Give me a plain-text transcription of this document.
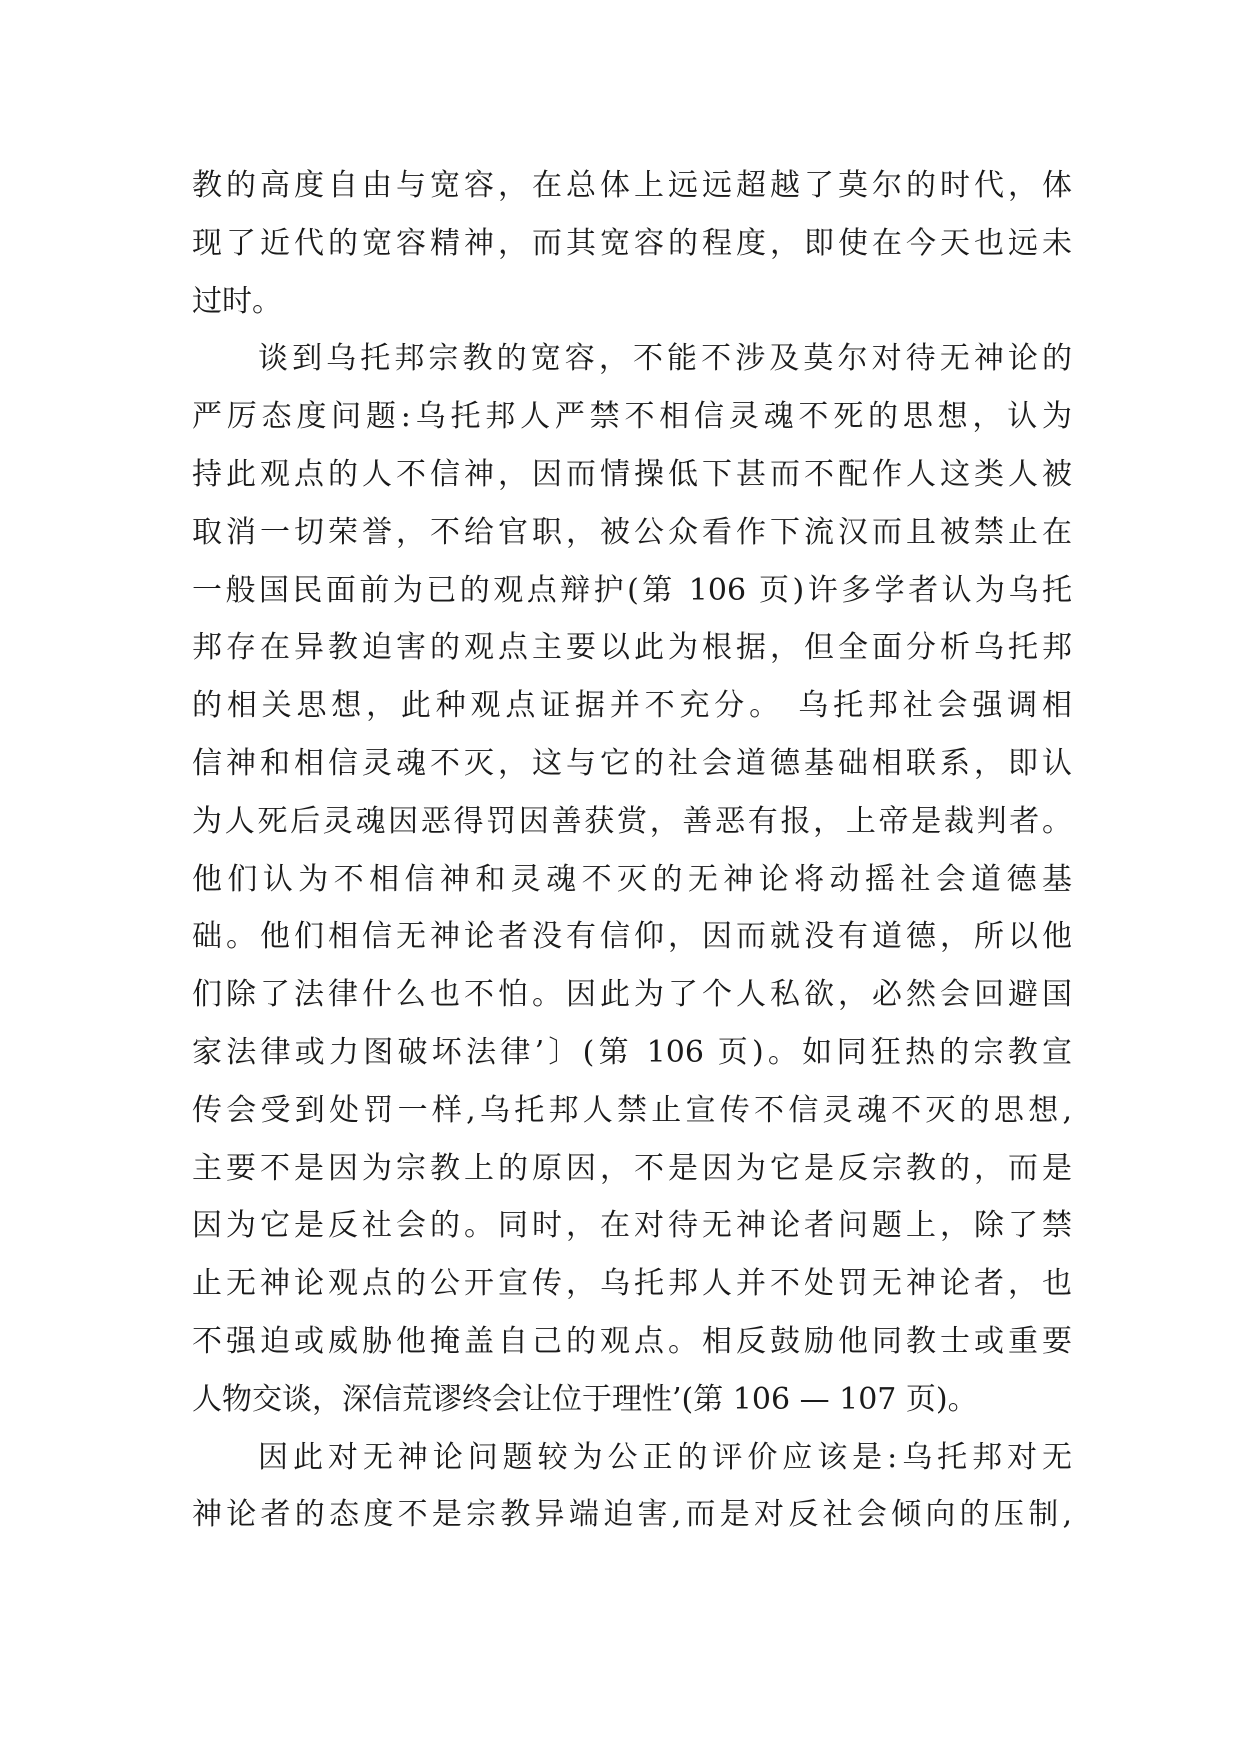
教的高度自由与宽容，在总体上远远超越了莫尔的时代，体
现了近代的宽容精神，而其宽容的程度，即使在今天也远未
过时。
谈到乌托邦宗教的宽容，不能不涉及莫尔对待无神论的
严厉态度问题:乌托邦人严禁不相信灵魂不死的思想，认为
持此观点的人不信神，因而情操低下甚而不配作人这类人被
取消一切荣誉，不给官职，被公众看作下流汉而且被禁止在
一般国民面前为已的观点辩护(第 106 页)许多学者认为乌托
邦存在异教迫害的观点主要以此为根据，但全面分析乌托邦
的相关思想，此种观点证据并不充分。 乌托邦社会强调相
信神和相信灵魂不灭，这与它的社会道德基础相联系，即认
为人死后灵魂因恶得罚因善获赏，善恶有报，上帝是裁判者。
他们认为不相信神和灵魂不灭的无神论将动摇社会道德基
础。他们相信无神论者没有信仰，因而就没有道德，所以他
们除了法律什么也不怕。因此为了个人私欲，必然会回避国
家法律或力图破坏法律’〕(第 106 页)。如同狂热的宗教宣
传会受到处罚一样,乌托邦人禁止宣传不信灵魂不灭的思想,
主要不是因为宗教上的原因，不是因为它是反宗教的，而是
因为它是反社会的。同时，在对待无神论者问题上，除了禁
止无神论观点的公开宣传，乌托邦人并不处罚无神论者，也
不强迫或威胁他掩盖自己的观点。相反鼓励他同教士或重要
人物交谈，深信荒谬终会让位于理性’(第 106 — 107 页)。
因此对无神论问题较为公正的评价应该是:乌托邦对无
神论者的态度不是宗教异端迫害,而是对反社会倾向的压制,
